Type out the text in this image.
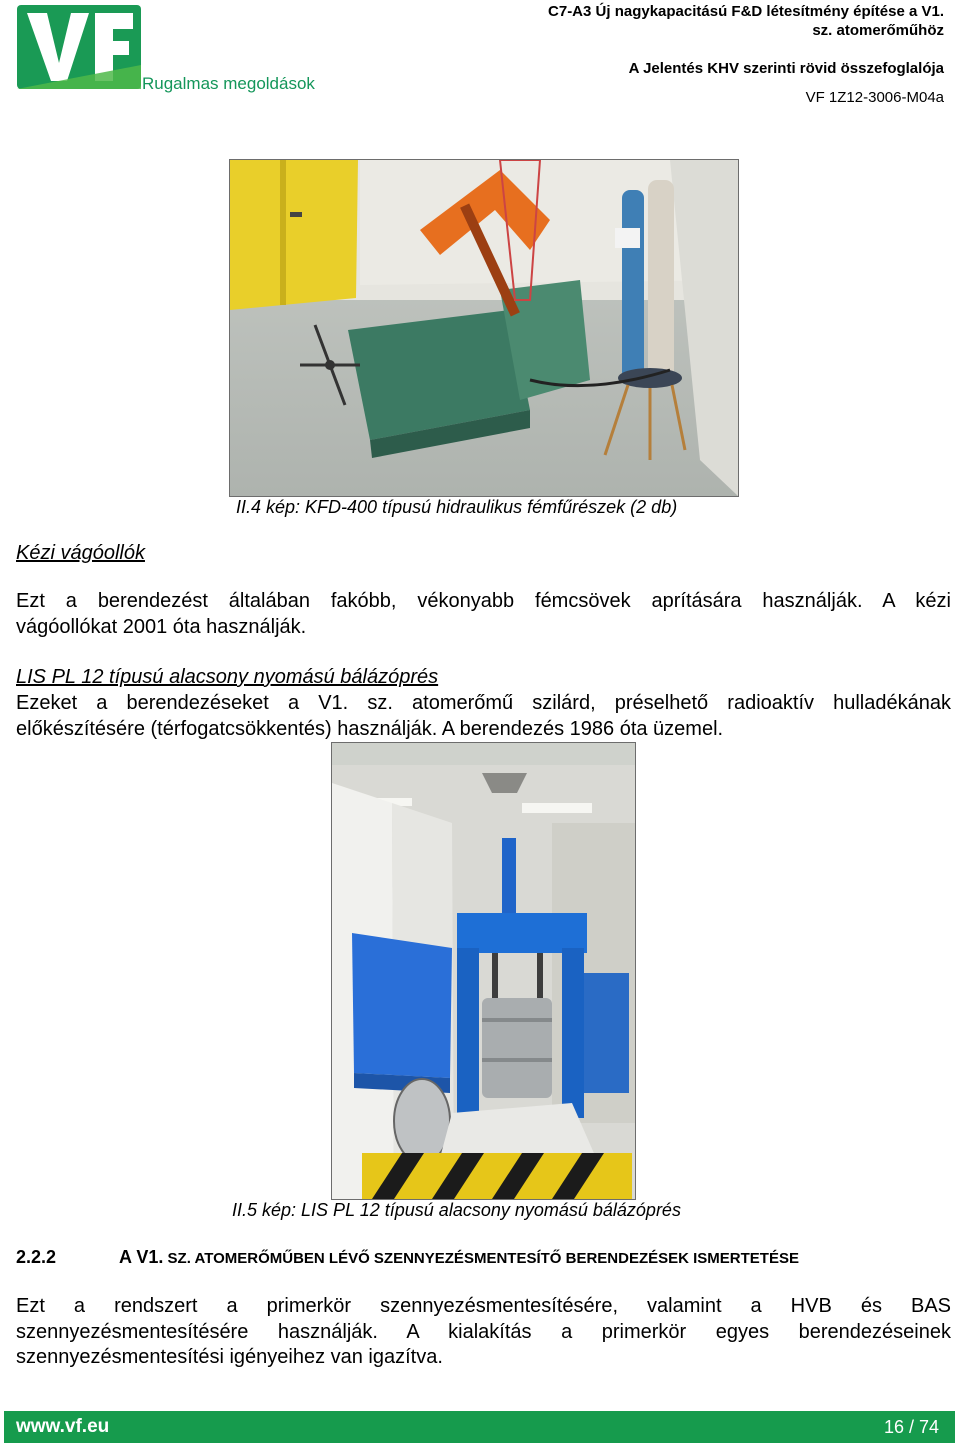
Rugalmas megoldások
C7-A3 Új nagykapacitású F&D létesítmény építése a V1.
sz. atomerőműhöz
A Jelentés KHV szerinti rövid összefoglalója
VF 1Z12-3006-M04a
II.4 kép: KFD-400 típusú hidraulikus fémfűrészek (2 db)
Kézi vágóollók
Ezt a berendezést általában fakóbb, vékonyabb fémcsövek aprítására használják. A kézi
vágóollókat 2001 óta használják.
LIS PL 12 típusú alacsony nyomású bálázóprés
Ezeket a berendezéseket a V1. sz. atomerőmű szilárd, préselhető radioaktív hulladékának
előkészítésére (térfogatcsökkentés) használják. A berendezés 1986 óta üzemel.
II.5 kép: LIS PL 12 típusú alacsony nyomású bálázóprés
2.2.2	A V1. SZ. ATOMERŐMŰBEN LÉVŐ SZENNYEZÉSMENTESÍTŐ BERENDEZÉSEK ISMERTETÉSE
Ezt a rendszert a primerkör szennyezésmentesítésére, valamint a HVB és BAS
szennyezésmentesítésére használják. A kialakítás a primerkör egyes berendezéseinek
szennyezésmentesítési igényeihez van igazítva.
www.vf.eu	16 / 74
